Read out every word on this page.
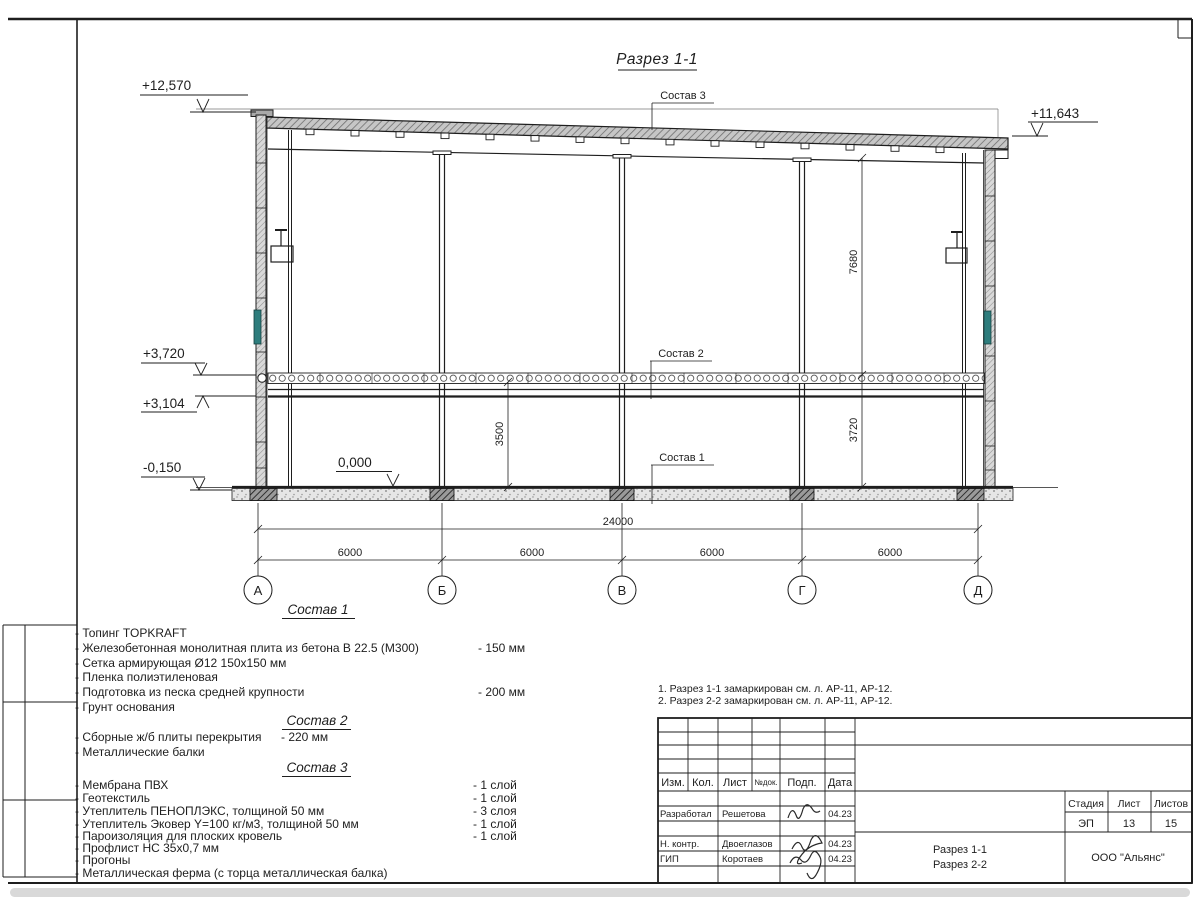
Разрез 1-1
Состав 3
Состав 2
Состав 1
+12,570
+11,643
+3,720
+3,104
-0,150	0,000
24000
6000	6000	6000	6000
3500	3720
7680
А	Б	В	Г	Д
Состав 1
- Топинг TOPKRAFT
- Железобетонная монолитная плита из бетона В 22.5 (М300)	- 150 мм
- Сетка армирующая Ø12 150x150 мм
- Пленка полиэтиленовая
- Подготовка из песка средней крупности	- 200 мм
- Грунт основания
Состав 2
- Сборные ж/б плиты перекрытия - 220 мм
- Металлические балки
Состав 3
- Мембрана ПВХ	- 1 слой
- Геотекстиль	- 1 слой
- Утеплитель ПЕНОПЛЭКС, толщиной 50 мм	- 3 слоя
- Утеплитель Эковер Y=100 кг/м3, толщиной 50 мм	- 1 слой
- Пароизоляция для плоских кровель	- 1 слой
- Профлист НС 35x0,7 мм
- Прогоны
- Металлическая ферма (с торца металлическая балка)
1. Разрез 1-1 замаркирован см. л. АР-11, АР-12.
2. Разрез 2-2 замаркирован см. л. АР-11, АР-12.
Изм. Кол. Лист №док. Подп. Дата
Разработал Решетова	04.23
Н. контр. Двоеглазов	04.23
ГИП	Коротаев	04.23
Стадия Лист Листов
ЭП	13	15
Разрез 1-1
Разрез 2-2
ООО "Альянс"
